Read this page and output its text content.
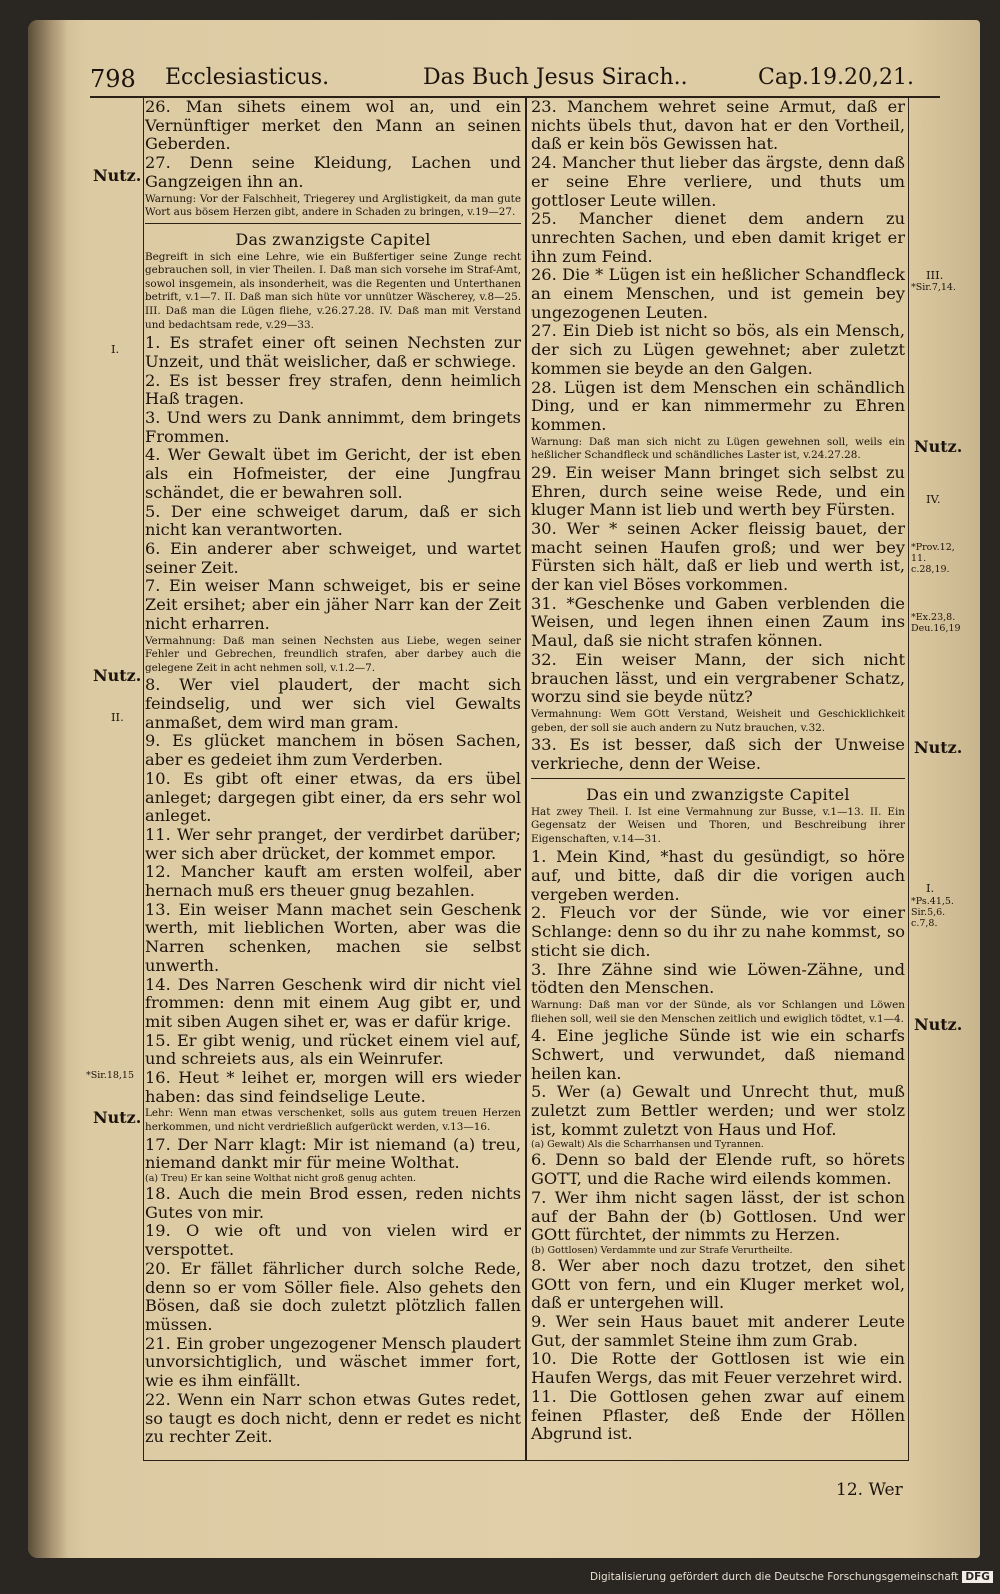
798 Ecclesiasticus.	Das Buch Jesus Sirach..	Cap.19.20,21.

26. Man sihets einem wol an, und ein Vernünftiger merket den Mann an seinen Geberden.

27. Denn seine Kleidung, Lachen und Gangzeigen ihn an.

Warnung: Vor der Falschheit, Triegerey und Arglistigkeit, da man gute Wort aus bösem Herzen gibt, andere in Schaden zu bringen, v.19—27.

Das zwanzigste Capitel

Begreift in sich eine Lehre, wie ein Bußfertiger seine Zunge recht gebrauchen soll, in vier Theilen. I. Daß man sich vorsehe im Straf-Amt, sowol insgemein, als insonderheit, was die Regenten und Unterthanen betrift, v.1—7. II. Daß man sich hüte vor unnützer Wäscherey, v.8—25. III. Daß man die Lügen fliehe, v.26.27.28. IV. Daß man mit Verstand und bedachtsam rede, v.29—33.

1. Es strafet einer oft seinen Nechsten zur Unzeit, und thät weislicher, daß er schwiege.

2. Es ist besser frey strafen, denn heimlich Haß tragen.

3. Und wers zu Dank annimmt, dem bringets Frommen.

4. Wer Gewalt übet im Gericht, der ist eben als ein Hofmeister, der eine Jungfrau schändet, die er bewahren soll.

5. Der eine schweiget darum, daß er sich nicht kan verantworten.

6. Ein anderer aber schweiget, und wartet seiner Zeit.

7. Ein weiser Mann schweiget, bis er seine Zeit ersihet; aber ein jäher Narr kan der Zeit nicht erharren.

Vermahnung: Daß man seinen Nechsten aus Liebe, wegen seiner Fehler und Gebrechen, freundlich strafen, aber darbey auch die gelegene Zeit in acht nehmen soll, v.1.2—7.

8. Wer viel plaudert, der macht sich feindselig, und wer sich viel Gewalts anmaßet, dem wird man gram.

9. Es glücket manchem in bösen Sachen, aber es gedeiet ihm zum Verderben.

10. Es gibt oft einer etwas, da ers übel anleget; dargegen gibt einer, da ers sehr wol anleget.

11. Wer sehr pranget, der verdirbet darüber; wer sich aber drücket, der kommet empor.

12. Mancher kauft am ersten wolfeil, aber hernach muß ers theuer gnug bezahlen.

13. Ein weiser Mann machet sein Geschenk werth, mit lieblichen Worten, aber was die Narren schenken, machen sie selbst unwerth.

14. Des Narren Geschenk wird dir nicht viel frommen: denn mit einem Aug gibt er, und mit siben Augen sihet er, was er dafür krige.

15. Er gibt wenig, und rücket einem viel auf, und schreiets aus, als ein Weinrufer.

16. Heut * leihet er, morgen will ers wieder haben: das sind feindselige Leute.

Lehr: Wenn man etwas verschenket, solls aus gutem treuen Herzen herkommen, und nicht verdrießlich aufgerückt werden, v.13—16.

17. Der Narr klagt: Mir ist niemand (a) treu, niemand dankt mir für meine Wolthat.

(a) Treu) Er kan seine Wolthat nicht groß genug achten.

18. Auch die mein Brod essen, reden nichts Gutes von mir.

19. O wie oft und von vielen wird er verspottet.

20. Er fället fährlicher durch solche Rede, denn so er vom Söller fiele. Also gehets den Bösen, daß sie doch zuletzt plötzlich fallen müssen.

21. Ein grober ungezogener Mensch plaudert unvorsichtiglich, und wäschet immer fort, wie es ihm einfällt.

22. Wenn ein Narr schon etwas Gutes redet, so taugt es doch nicht, denn er redet es nicht zu rechter Zeit.

23. Manchem wehret seine Armut, daß er nichts übels thut, davon hat er den Vortheil, daß er kein bös Gewissen hat.

24. Mancher thut lieber das ärgste, denn daß er seine Ehre verliere, und thuts um gottloser Leute willen.

25. Mancher dienet dem andern zu unrechten Sachen, und eben damit kriget er ihn zum Feind.

26. Die * Lügen ist ein heßlicher Schandfleck an einem Menschen, und ist gemein bey ungezogenen Leuten.

27. Ein Dieb ist nicht so bös, als ein Mensch, der sich zu Lügen gewehnet; aber zuletzt kommen sie beyde an den Galgen.

28. Lügen ist dem Menschen ein schändlich Ding, und er kan nimmermehr zu Ehren kommen.

Warnung: Daß man sich nicht zu Lügen gewehnen soll, weils ein heßlicher Schandfleck und schändliches Laster ist, v.24.27.28.

29. Ein weiser Mann bringet sich selbst zu Ehren, durch seine weise Rede, und ein kluger Mann ist lieb und werth bey Fürsten.

30. Wer * seinen Acker fleissig bauet, der macht seinen Haufen groß; und wer bey Fürsten sich hält, daß er lieb und werth ist, der kan viel Böses vorkommen.

31. *Geschenke und Gaben verblenden die Weisen, und legen ihnen einen Zaum ins Maul, daß sie nicht strafen können.

32. Ein weiser Mann, der sich nicht brauchen lässt, und ein vergrabener Schatz, worzu sind sie beyde nütz?

Vermahnung: Wem GOtt Verstand, Weisheit und Geschicklichkeit geben, der soll sie auch andern zu Nutz brauchen, v.32.

33. Es ist besser, daß sich der Unweise verkrieche, denn der Weise.

Das ein und zwanzigste Capitel

Hat zwey Theil. I. Ist eine Vermahnung zur Busse, v.1—13. II. Ein Gegensatz der Weisen und Thoren, und Beschreibung ihrer Eigenschaften, v.14—31.

1. Mein Kind, *hast du gesündigt, so höre auf, und bitte, daß dir die vorigen auch vergeben werden.

2. Fleuch vor der Sünde, wie vor einer Schlange: denn so du ihr zu nahe kommst, so sticht sie dich.

3. Ihre Zähne sind wie Löwen-Zähne, und tödten den Menschen.

Warnung: Daß man vor der Sünde, als vor Schlangen und Löwen fliehen soll, weil sie den Menschen zeitlich und ewiglich tödtet, v.1—4.

4. Eine jegliche Sünde ist wie ein scharfs Schwert, und verwundet, daß niemand heilen kan.

5. Wer (a) Gewalt und Unrecht thut, muß zuletzt zum Bettler werden; und wer stolz ist, kommt zuletzt von Haus und Hof.

(a) Gewalt) Als die Scharrhansen und Tyrannen.

6. Denn so bald der Elende ruft, so hörets GOTT, und die Rache wird eilends kommen.

7. Wer ihm nicht sagen lässt, der ist schon auf der Bahn der (b) Gottlosen. Und wer GOtt fürchtet, der nimmts zu Herzen.

(b) Gottlosen) Verdammte und zur Strafe Verurtheilte.

8. Wer aber noch dazu trotzet, den sihet GOtt von fern, und ein Kluger merket wol, daß er untergehen will.

9. Wer sein Haus bauet mit anderer Leute Gut, der sammlet Steine ihm zum Grab.

10. Die Rotte der Gottlosen ist wie ein Haufen Wergs, das mit Feuer verzehret wird.

11. Die Gottlosen gehen zwar auf einem feinen Pflaster, deß Ende der Höllen Abgrund ist.

Nutz.
I.
Nutz.
II.
*Sir.18,15
Nutz.
III.
*Sir.7,14.
Nutz.
IV.
*Prov.12, 11. c.28,19.
*Ex.23,8. Deu.16,19
Nutz.
I.
*Ps.41,5. Sir.5,6. c.7,8.
Nutz.
12. Wer
Digitalisierung gefördert durch die Deutsche Forschungsgemeinschaft DFG
